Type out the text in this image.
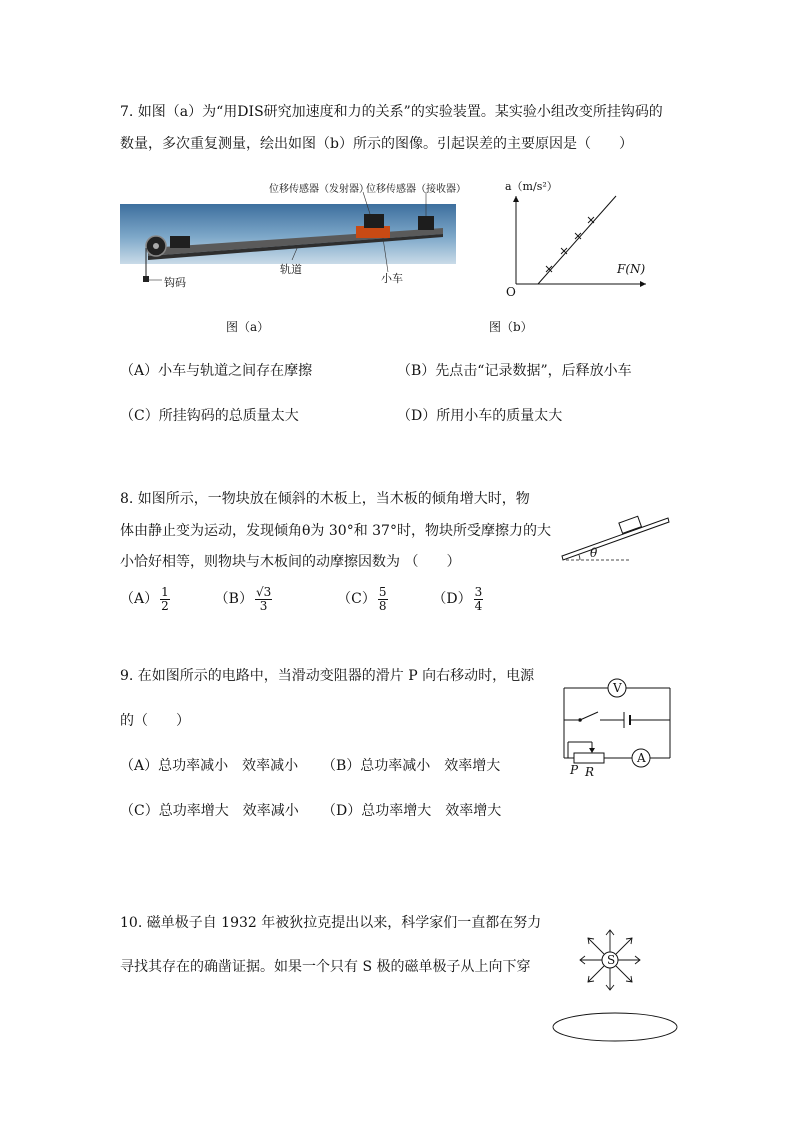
7. 如图（a）为“用DIS研究加速度和力的关系”的实验装置。某实验小组改变所挂钩码的
数量，多次重复测量，绘出如图（b）所示的图像。引起误差的主要原因是（　　）
位移传感器（发射器）
位移传感器（接收器）
轨道
小车
钩码
a（m/s²）
F(N)
O
图（a）	图（b）
（A）小车与轨道之间存在摩擦	（B）先点击“记录数据”，后释放小车
（C）所挂钩码的总质量太大	（D）所用小车的质量太大
8. 如图所示，一物块放在倾斜的木板上，当木板的倾角增大时，物
体由静止变为运动，发现倾角θ为 30°和 37°时，物块所受摩擦力的大
小恰好相等，则物块与木板间的动摩擦因数为 （　　）
θ
$(A) \frac{1}{2}$	$(B) \frac{√3}{3}$	$(C) \frac{5}{8}$	$(D) \frac{3}{4}$
9. 在如图所示的电路中，当滑动变阻器的滑片 P 向右移动时，电源
的（　　）
V
A
P R
（A）总功率减小　效率减小 （B）总功率减小　效率增大
（C）总功率增大　效率减小 （D）总功率增大　效率增大
10. 磁单极子自 1932 年被狄拉克提出以来，科学家们一直都在努力
寻找其存在的确凿证据。如果一个只有 S 极的磁单极子从上向下穿	S
